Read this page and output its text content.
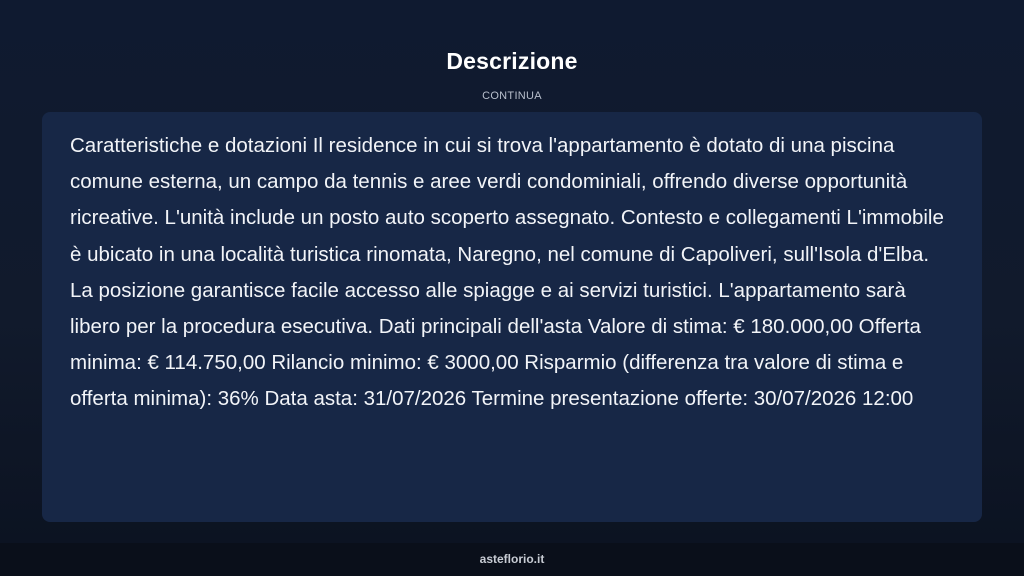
Descrizione
CONTINUA

Caratteristiche e dotazioni Il residence in cui si trova l'appartamento è dotato di una piscina comune esterna, un campo da tennis e aree verdi condominiali, offrendo diverse opportunità ricreative. L'unità include un posto auto scoperto assegnato. Contesto e collegamenti L'immobile è ubicato in una località turistica rinomata, Naregno, nel comune di Capoliveri, sull'Isola d'Elba. La posizione garantisce facile accesso alle spiagge e ai servizi turistici. L'appartamento sarà libero per la procedura esecutiva. Dati principali dell'asta Valore di stima: € 180.000,00 Offerta minima: € 114.750,00 Rilancio minimo: € 3000,00 Risparmio (differenza tra valore di stima e offerta minima): 36% Data asta: 31/07/2026 Termine presentazione offerte: 30/07/2026 12:00

asteflorio.it
